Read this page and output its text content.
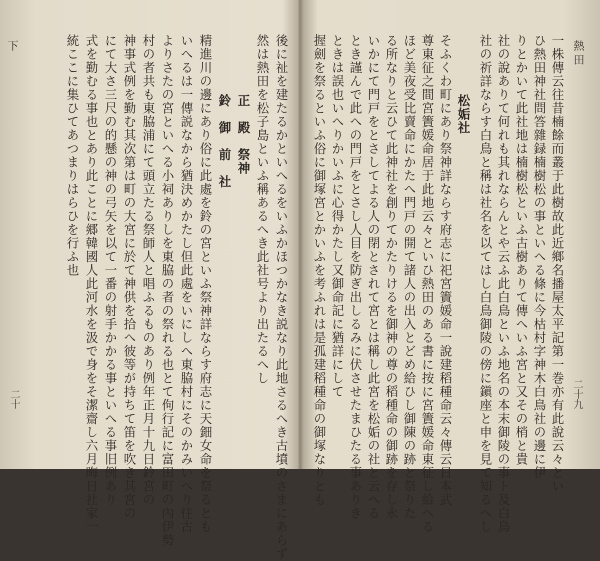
下	後に祉を建たるかといへるをいふかほつかなき説なり此地さるへき古墳のさまにあらず
然は熱田を松子島といふ稱あるへき此社号より出たるへし
正　殿　祭神　　　　　
鈴　御　前　社
精進川の邊にあり俗に此處を鈴の宮といふ祭神詳ならす府志に天鈿女命を祭るとも
いへるは一傳説なから猶決めかたし但此處をいにしへ東脇村にそのかみいへり往古
よりさたの宮といへる小祠ありしを東脇の者の祭れる也とて佝行記に富田町の內伊勢
村の者共も東脇浦にて頭立たる祭師人と唱ふるものあり例年正月十九日鈴宮の
神事式例を勤む其次第は町の大宮に於て神供を拾へ彼等が持ちて笛を吹き其宮の
にて大さ三尺の的懸の神の弓矢を以て一番の射手かかる事といへる事旧例あり
式を勤むる事也とあり此ことに郷韓國人此河水を汲で身をそ潔齋し六月晦日社家一
統ここに集ひてあつまりはらひを行ふ也
二十
熱田
一株傳云往昔楠餘而叢于此樹故此近鄉名播屋太平記第一巻亦有此說云々とい
ひ熱田神社問答雜録楠樹松の事といへる條に今枯村字神木白鳥社の邊に伊
りとかいて此社地は楠樹松といふ古樹ありて傳へいふ宮と又その梢と貴
社の說ありて何れも其れならんとや云ふ此白鳥といふ地名の本末御陵の事ト及白鳥
社の祈詳ならす白鳥と稱は社名を以てはし白鳥御陵の傍に鎭座と申を見て知るへし
松姤社
そふくわ町にあり祭神詳ならす府志に祀宮簀媛命一說建稻種命云々傳云日本武
尊東征之間宮簀媛命居于此地云々といひ熱田のある書に按に宮簀媛命東征し給へる
ほど美夜受比賣命にかたへ門戸の開て諸人の出入とどめ給ひし御陳の跡と祭りた
る所なりと云ひて此神社を創りてかたりけるを御神の尊の稻種命の御跡を存し永
いかにて門戸をとさしてよる人の閉とされて宮とは稱し此宮を松姤の社と云へる
とき謹んで此への門戸をとさし人目を防ぎ出しるみに伏させたまひたる事ありき
ときは誤也いへりかいふに心得かたし又御命記に猶詳にして
握劍を祭るといふ俗に御塚宮とかいふを考ふれは是孤建稻種命の御塚なりとも	二十九
